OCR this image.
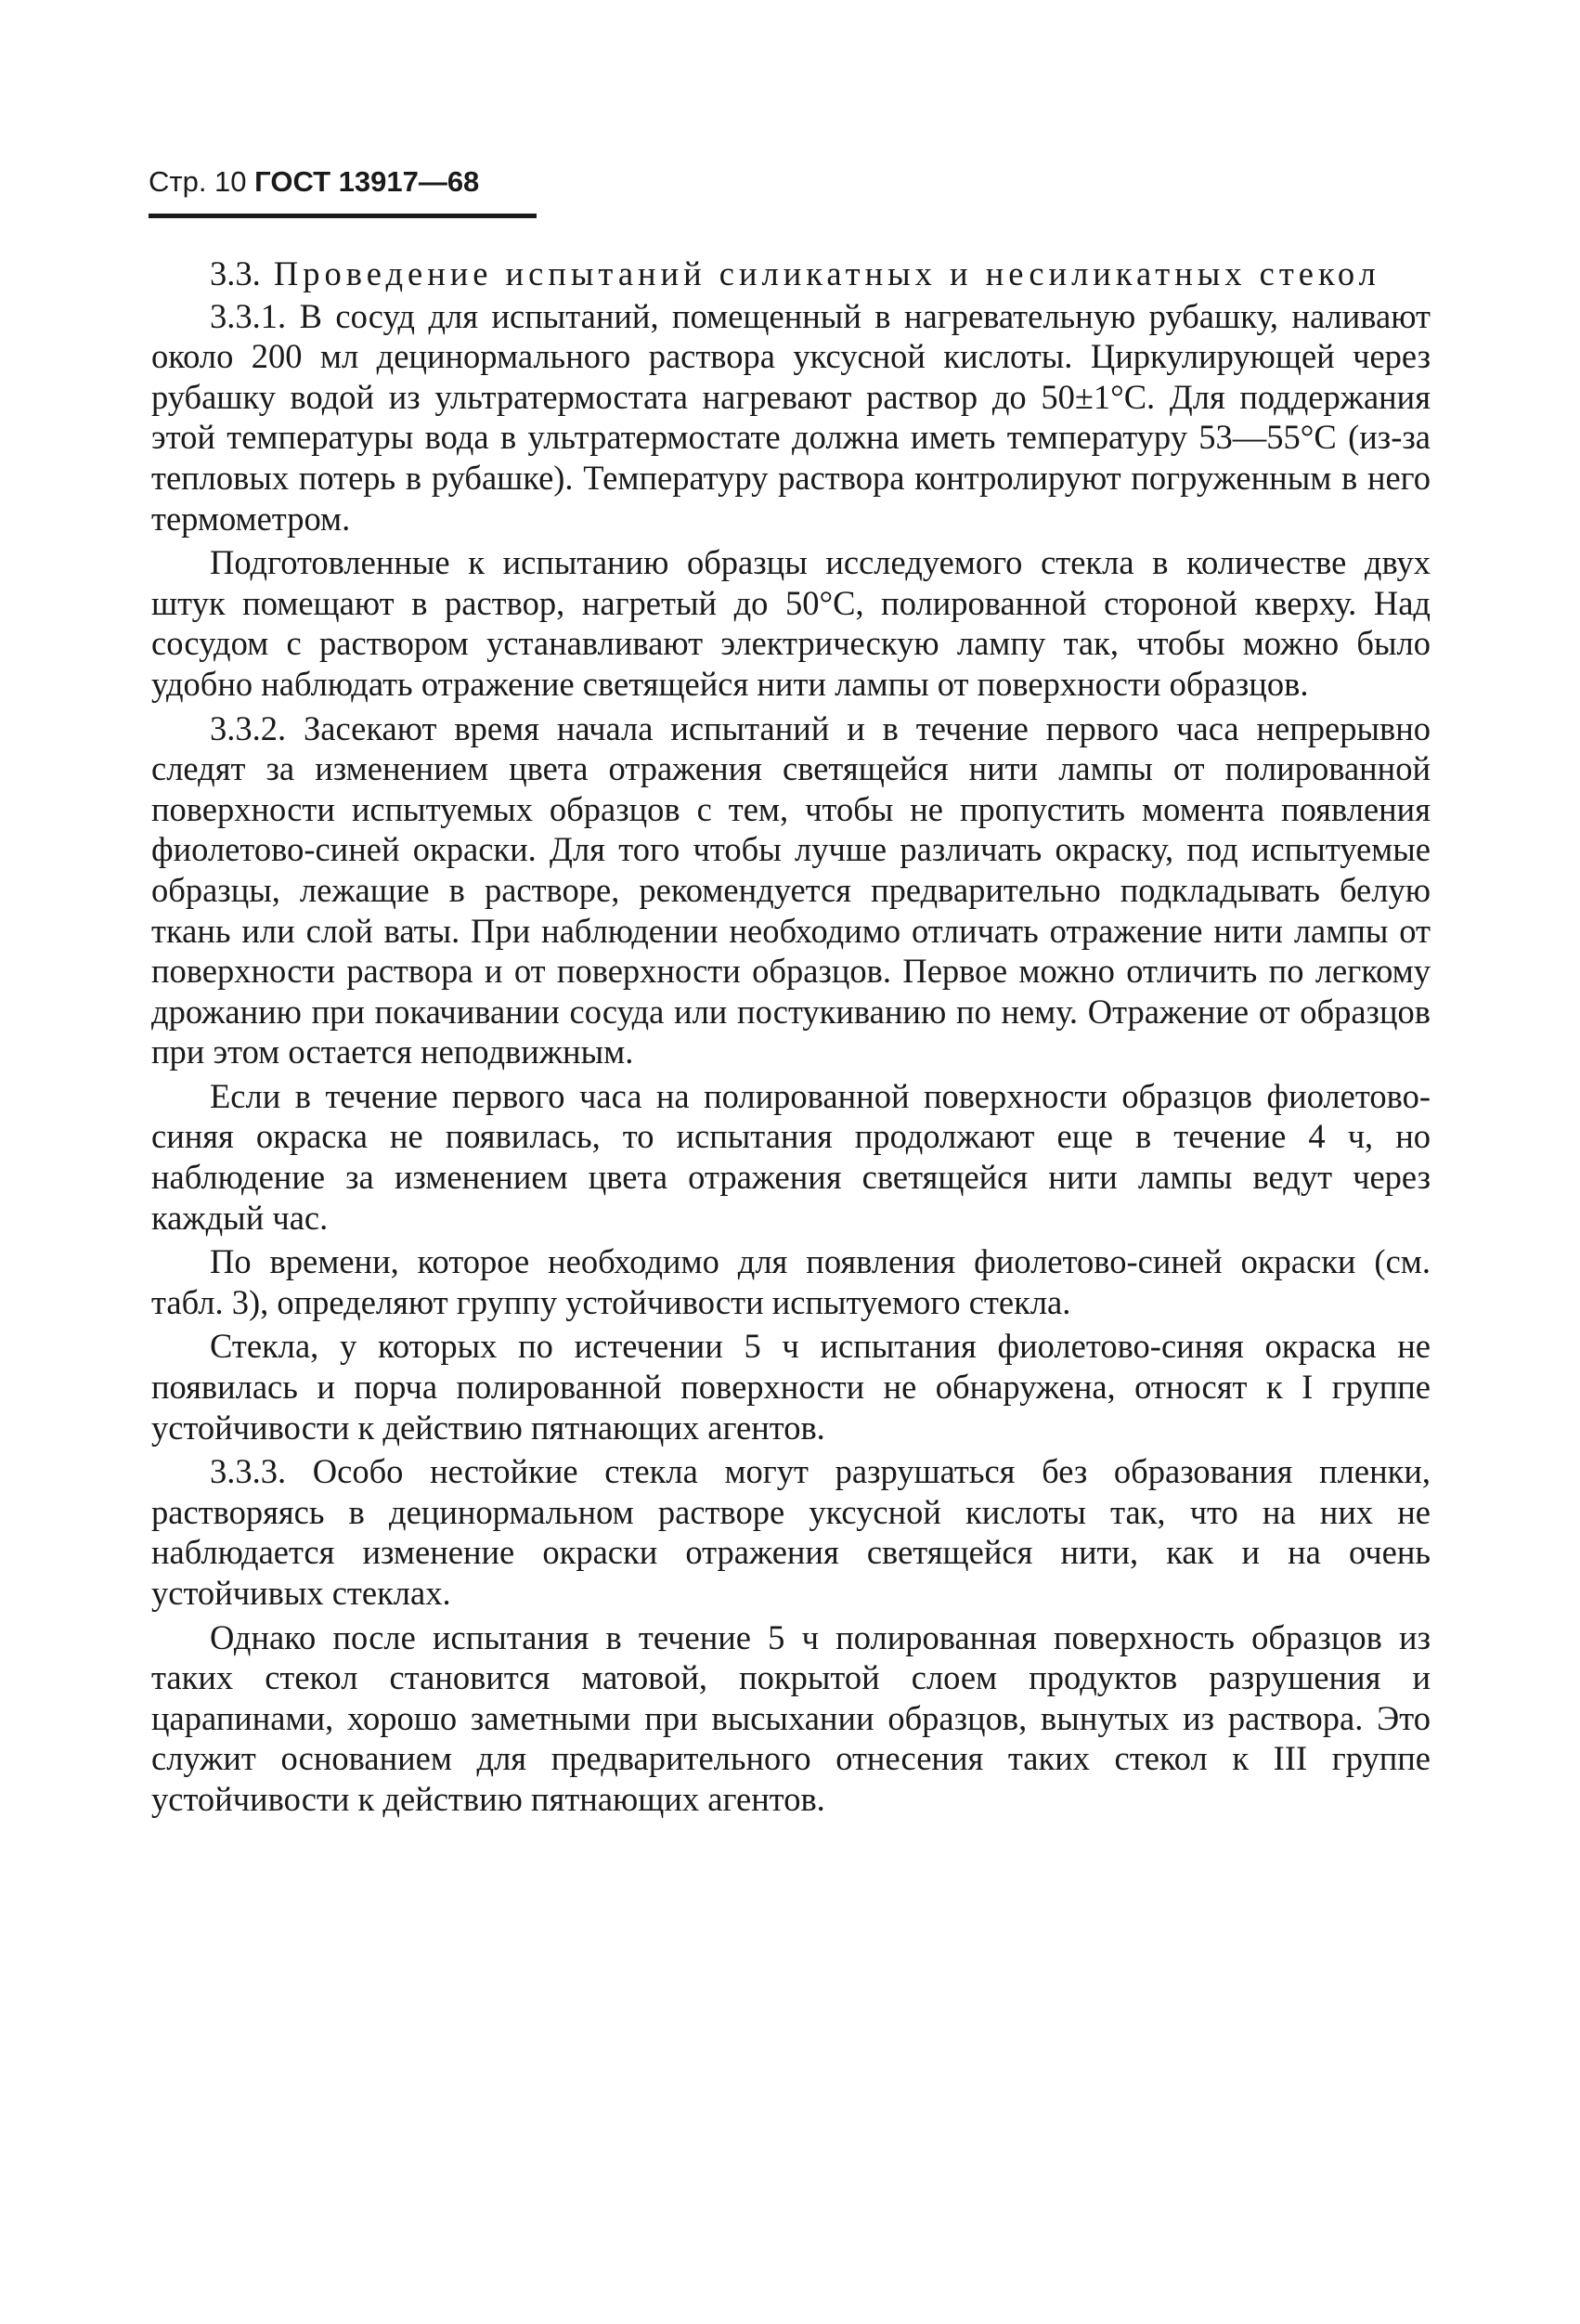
Стр. 10 ГОСТ 13917—68

3.3. Проведение испытаний силикатных и несиликатных стекол

3.3.1. В сосуд для испытаний, помещенный в нагревательную рубашку, наливают около 200 мл децинормального раствора уксусной кислоты. Циркулирующей через рубашку водой из ультратермостата нагревают раствор до 50±1°С. Для поддержания этой температуры вода в ультратермостате должна иметь температуру 53—55°С (из-за тепловых потерь в рубашке). Температуру раствора контролируют погруженным в него термометром.

Подготовленные к испытанию образцы исследуемого стекла в количестве двух штук помещают в раствор, нагретый до 50°С, полированной стороной кверху. Над сосудом с раствором устанавливают электрическую лампу так, чтобы можно было удобно наблюдать отражение светящейся нити лампы от поверхности образцов.

3.3.2. Засекают время начала испытаний и в течение первого часа непрерывно следят за изменением цвета отражения светящейся нити лампы от полированной поверхности испытуемых образцов с тем, чтобы не пропустить момента появления фиолетово-синей окраски. Для того чтобы лучше различать окраску, под испытуемые образцы, лежащие в растворе, рекомендуется предварительно подкладывать белую ткань или слой ваты. При наблюдении необходимо отличать отражение нити лампы от поверхности раствора и от поверхности образцов. Первое можно отличить по легкому дрожанию при покачивании сосуда или постукиванию по нему. Отражение от образцов при этом остается неподвижным.

Если в течение первого часа на полированной поверхности образцов фиолетово-синяя окраска не появилась, то испытания продолжают еще в течение 4 ч, но наблюдение за изменением цвета отражения светящейся нити лампы ведут через каждый час.

По времени, которое необходимо для появления фиолетово-синей окраски (см. табл. 3), определяют группу устойчивости испытуемого стекла.

Стекла, у которых по истечении 5 ч испытания фиолетово-синяя окраска не появилась и порча полированной поверхности не обнаружена, относят к I группе устойчивости к действию пятнающих агентов.

3.3.3. Особо нестойкие стекла могут разрушаться без образования пленки, растворяясь в децинормальном растворе уксусной кислоты так, что на них не наблюдается изменение окраски отражения светящейся нити, как и на очень устойчивых стеклах.

Однако после испытания в течение 5 ч полированная поверхность образцов из таких стекол становится матовой, покрытой слоем продуктов разрушения и царапинами, хорошо заметными при высыхании образцов, вынутых из раствора. Это служит основанием для предварительного отнесения таких стекол к III группе устойчивости к действию пятнающих агентов.
